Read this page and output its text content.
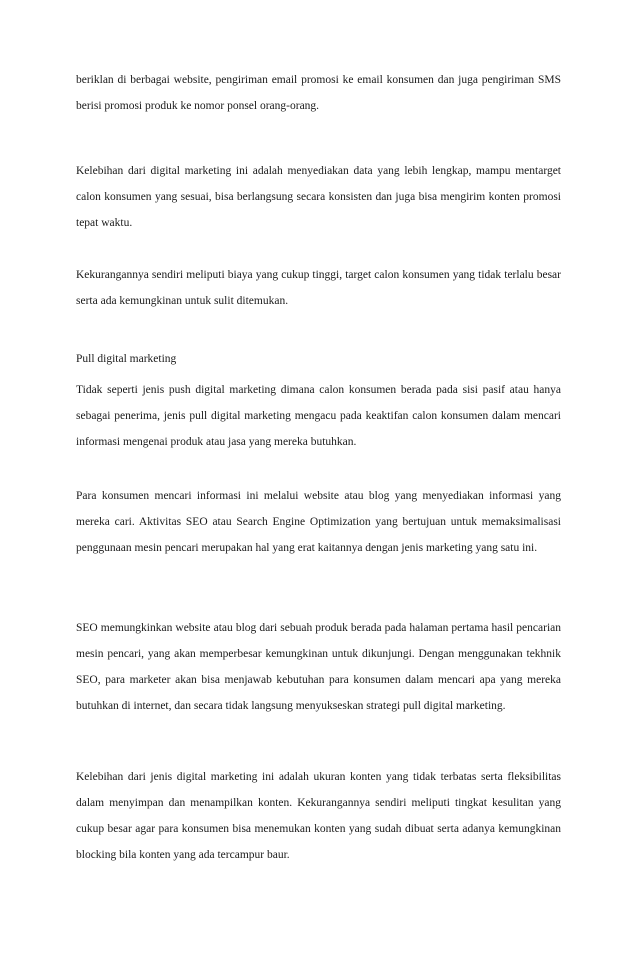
beriklan di berbagai website, pengiriman email promosi ke email konsumen dan juga pengiriman SMS berisi promosi produk ke nomor ponsel orang-orang.

Kelebihan dari digital marketing ini adalah menyediakan data yang lebih lengkap, mampu mentarget calon konsumen yang sesuai, bisa berlangsung secara konsisten dan juga bisa mengirim konten promosi tepat waktu.

Kekurangannya sendiri meliputi biaya yang cukup tinggi, target calon konsumen yang tidak terlalu besar serta ada kemungkinan untuk sulit ditemukan.

Pull digital marketing

Tidak seperti jenis push digital marketing dimana calon konsumen berada pada sisi pasif atau hanya sebagai penerima, jenis pull digital marketing mengacu pada keaktifan calon konsumen dalam mencari informasi mengenai produk atau jasa yang mereka butuhkan.

Para konsumen mencari informasi ini melalui website atau blog yang menyediakan informasi yang mereka cari. Aktivitas SEO atau Search Engine Optimization yang bertujuan untuk memaksimalisasi penggunaan mesin pencari merupakan hal yang erat kaitannya dengan jenis marketing yang satu ini.

SEO memungkinkan website atau blog dari sebuah produk berada pada halaman pertama hasil pencarian mesin pencari, yang akan memperbesar kemungkinan untuk dikunjungi. Dengan menggunakan tekhnik SEO, para marketer akan bisa menjawab kebutuhan para konsumen dalam mencari apa yang mereka butuhkan di internet, dan secara tidak langsung menyukseskan strategi pull digital marketing.

Kelebihan dari jenis digital marketing ini adalah ukuran konten yang tidak terbatas serta fleksibilitas dalam menyimpan dan menampilkan konten. Kekurangannya sendiri meliputi tingkat kesulitan yang cukup besar agar para konsumen bisa menemukan konten yang sudah dibuat serta adanya kemungkinan blocking bila konten yang ada tercampur baur.
